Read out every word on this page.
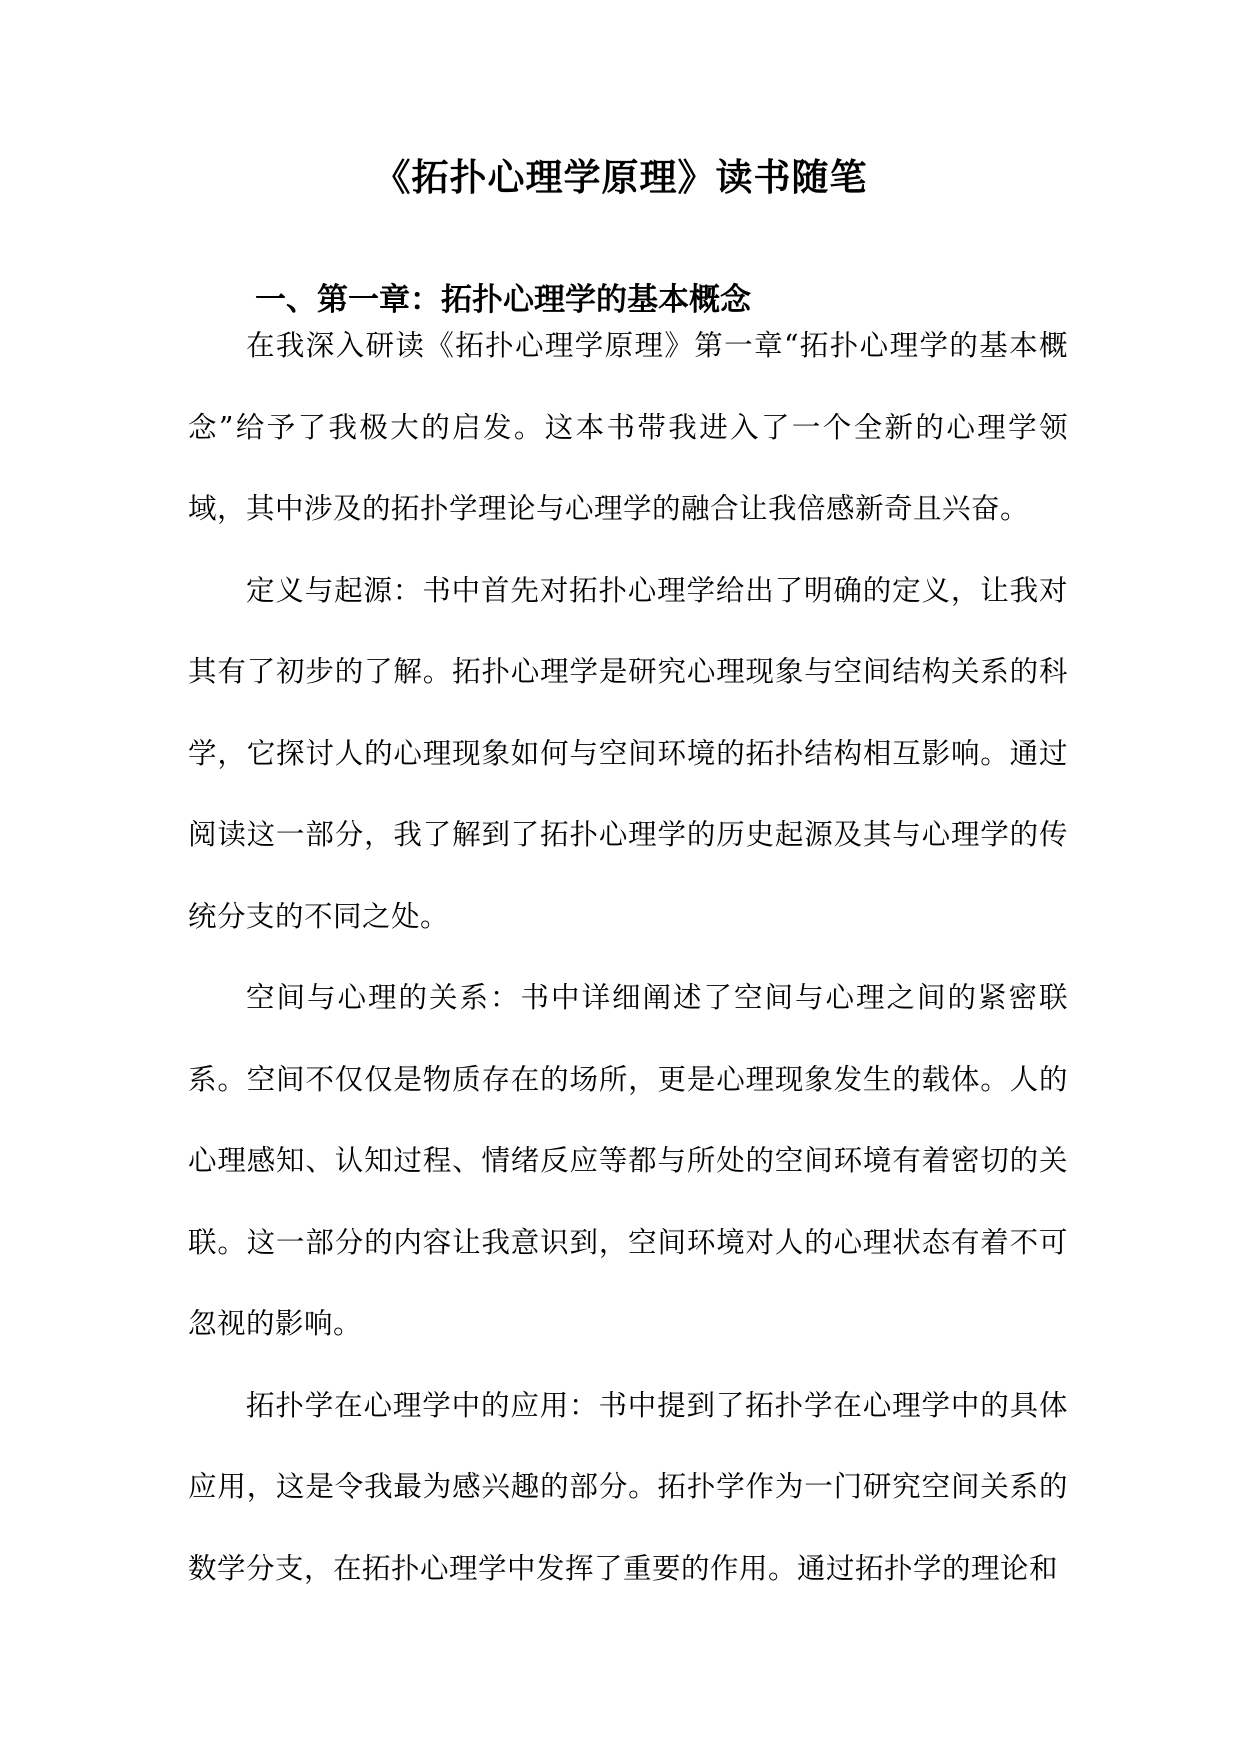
《拓扑心理学原理》读书随笔
一、第一章：拓扑心理学的基本概念

在我深入研读《拓扑心理学原理》第一章“拓扑心理学的基本概念”给予了我极大的启发。这本书带我进入了一个全新的心理学领域，其中涉及的拓扑学理论与心理学的融合让我倍感新奇且兴奋。

定义与起源：书中首先对拓扑心理学给出了明确的定义，让我对其有了初步的了解。拓扑心理学是研究心理现象与空间结构关系的科学，它探讨人的心理现象如何与空间环境的拓扑结构相互影响。通过阅读这一部分，我了解到了拓扑心理学的历史起源及其与心理学的传统分支的不同之处。

空间与心理的关系：书中详细阐述了空间与心理之间的紧密联系。空间不仅仅是物质存在的场所，更是心理现象发生的载体。人的心理感知、认知过程、情绪反应等都与所处的空间环境有着密切的关联。这一部分的内容让我意识到，空间环境对人的心理状态有着不可忽视的影响。

拓扑学在心理学中的应用：书中提到了拓扑学在心理学中的具体应用，这是令我最为感兴趣的部分。拓扑学作为一门研究空间关系的数学分支，在拓扑心理学中发挥了重要的作用。通过拓扑学的理论和
